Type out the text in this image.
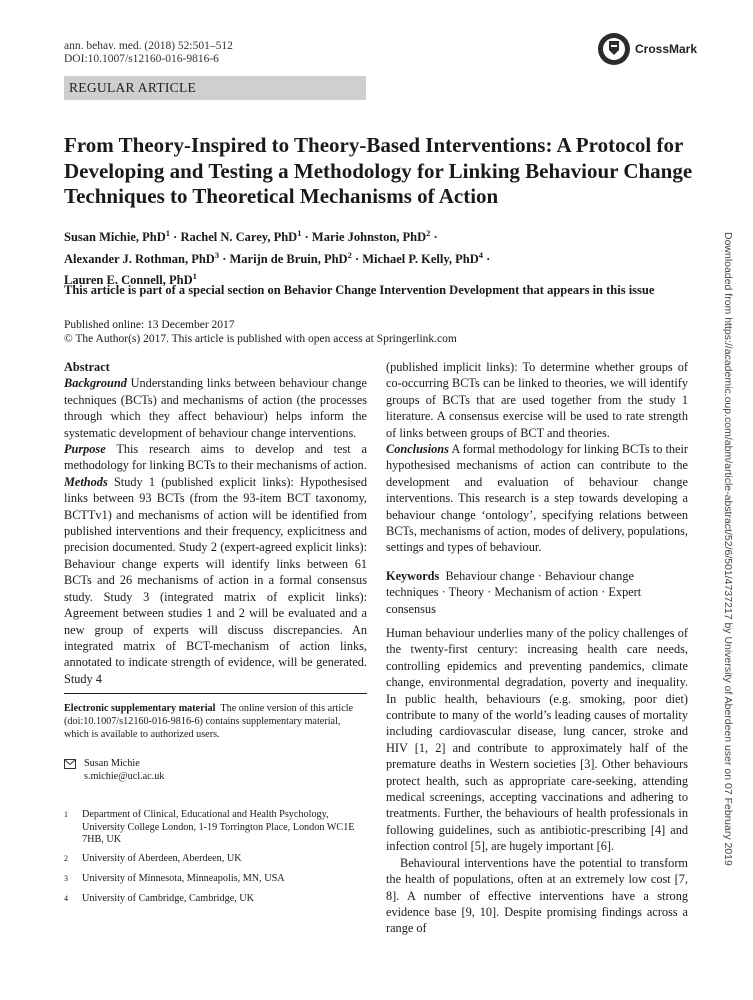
ann. behav. med. (2018) 52:501–512
DOI:10.1007/s12160-016-9816-6
CrossMark
REGULAR ARTICLE
From Theory-Inspired to Theory-Based Interventions: A Protocol for Developing and Testing a Methodology for Linking Behaviour Change Techniques to Theoretical Mechanisms of Action
Susan Michie, PhD$^1$ · Rachel N. Carey, PhD$^1$ · Marie Johnston, PhD$^2$ ·
Alexander J. Rothman, PhD$^3$ · Marijn de Bruin, PhD$^2$ · Michael P. Kelly, PhD$^4$ ·
Lauren E. Connell, PhD$^1$
This article is part of a special section on Behavior Change Intervention Development that appears in this issue
Published online: 13 December 2017
© The Author(s) 2017. This article is published with open access at Springerlink.com

Abstract

Background Understanding links between behaviour change techniques (BCTs) and mechanisms of action (the processes through which they affect behaviour) helps inform the systematic development of behaviour change interventions.

Purpose This research aims to develop and test a methodology for linking BCTs to their mechanisms of action.

Methods Study 1 (published explicit links): Hypothesised links between 93 BCTs (from the 93-item BCT taxonomy, BCTTv1) and mechanisms of action will be identified from published interventions and their frequency, explicitness and precision documented. Study 2 (expert-agreed explicit links): Behaviour change experts will identify links between 61 BCTs and 26 mechanisms of action in a formal consensus study. Study 3 (integrated matrix of explicit links): Agreement between studies 1 and 2 will be evaluated and a new group of experts will discuss discrepancies. An integrated matrix of BCT-mechanism of action links, annotated to indicate strength of evidence, will be generated. Study 4

(published implicit links): To determine whether groups of co-occurring BCTs can be linked to theories, we will identify groups of BCTs that are used together from the study 1 literature. A consensus exercise will be used to rate strength of links between groups of BCT and theories.

Conclusions A formal methodology for linking BCTs to their hypothesised mechanisms of action can contribute to the development and evaluation of behaviour change interventions. This research is a step towards developing a behaviour change ‘ontology’, specifying relations between BCTs, mechanisms of action, modes of delivery, populations, settings and types of behaviour.

Keywords Behaviour change · Behaviour change techniques · Theory · Mechanism of action · Expert consensus

Human behaviour underlies many of the policy challenges of the twenty-first century: increasing health care needs, controlling epidemics and preventing pandemics, climate change, environmental degradation, poverty and inequality. In public health, behaviours (e.g. smoking, poor diet) contribute to many of the world’s leading causes of mortality including cardiovascular disease, lung cancer, stroke and HIV [1, 2] and contribute to approximately half of the premature deaths in Western societies [3]. Other behaviours protect health, such as appropriate care-seeking, attending medical screenings, accepting vaccinations and adhering to treatments. Further, the behaviours of health professionals in following guidelines, such as antibiotic-prescribing [4] and infection control [5], are hugely important [6].

Behavioural interventions have the potential to transform the health of populations, often at an extremely low cost [7, 8]. A number of effective interventions have a strong evidence base [9, 10]. Despite promising findings across a range of

Electronic supplementary material The online version of this article (doi:10.1007/s12160-016-9816-6) contains supplementary material, which is available to authorized users.
Susan Michie
s.michie@ucl.ac.uk
1	Department of Clinical, Educational and Health Psychology, University College London, 1-19 Torrington Place, London WC1E 7HB, UK
2	University of Aberdeen, Aberdeen, UK
3	University of Minnesota, Minneapolis, MN, USA
4	University of Cambridge, Cambridge, UK
Downloaded from https://academic.oup.com/abm/article-abstract/52/6/501/4737217 by University of Aberdeen user on 07 February 2019
